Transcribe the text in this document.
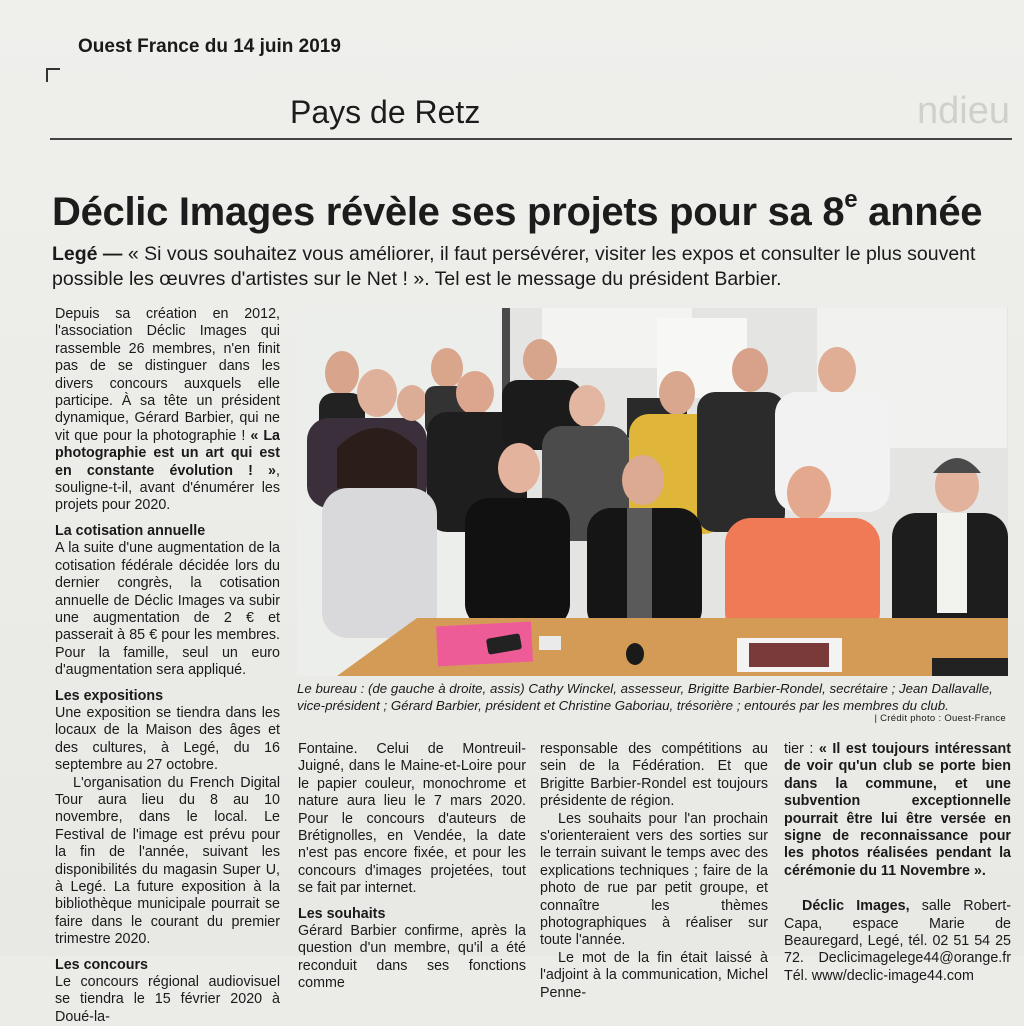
Ouest France du 14 juin 2019
ndieu
Pays de Retz
Déclic Images révèle ses projets pour sa 8e année
Legé — « Si vous souhaitez vous améliorer, il faut persévérer, visiter les expos et consulter le plus souvent possible les œuvres d'artistes sur le Net ! ». Tel est le message du président Barbier.

Depuis sa création en 2012, l'association Déclic Images qui rassemble 26 membres, n'en finit pas de se distinguer dans les divers concours auxquels elle participe. À sa tête un président dynamique, Gérard Barbier, qui ne vit que pour la photographie ! « La photographie est un art qui est en constante évolution ! », souligne-t-il, avant d'énumérer les projets pour 2020.

La cotisation annuelle

A la suite d'une augmentation de la cotisation fédérale décidée lors du dernier congrès, la cotisation annuelle de Déclic Images va subir une augmentation de 2 € et passerait à 85 € pour les membres. Pour la famille, seul un euro d'augmentation sera appliqué.

Les expositions

Une exposition se tiendra dans les locaux de la Maison des âges et des cultures, à Legé, du 16 septembre au 27 octobre.

L'organisation du French Digital Tour aura lieu du 8 au 10 novembre, dans le local. Le Festival de l'image est prévu pour la fin de l'année, suivant les disponibilités du magasin Super U, à Legé. La future exposition à la bibliothèque municipale pourrait se faire dans le courant du premier trimestre 2020.

Les concours

Le concours régional audiovisuel se tiendra le 15 février 2020 à Doué-la-

Le bureau : (de gauche à droite, assis) Cathy Winckel, assesseur, Brigitte Barbier-Rondel, secrétaire ; Jean Dallavalle, vice-président ; Gérard Barbier, président et Christine Gaboriau, trésorière ; entourés par les membres du club.
| Crédit photo : Ouest-France

Fontaine. Celui de Montreuil-Juigné, dans le Maine-et-Loire pour le papier couleur, monochrome et nature aura lieu le 7 mars 2020. Pour le concours d'auteurs de Brétignolles, en Vendée, la date n'est pas encore fixée, et pour les concours d'images projetées, tout se fait par internet.

Les souhaits

Gérard Barbier confirme, après la question d'un membre, qu'il a été reconduit dans ses fonctions comme

responsable des compétitions au sein de la Fédération. Et que Brigitte Barbier-Rondel est toujours présidente de région.

Les souhaits pour l'an prochain s'orienteraient vers des sorties sur le terrain suivant le temps avec des explications techniques ; faire de la photo de rue par petit groupe, et connaître les thèmes photographiques à réaliser sur toute l'année.

Le mot de la fin était laissé à l'adjoint à la communication, Michel Penne-

tier : « Il est toujours intéressant de voir qu'un club se porte bien dans la commune, et une subvention exceptionnelle pourrait être lui être versée en signe de reconnaissance pour les photos réalisées pendant la cérémonie du 11 Novembre ».

Déclic Images, salle Robert-Capa, espace Marie de Beauregard, Legé, tél. 02 51 54 25 72. Declicimagelege44@orange.fr Tél. www/declic-image44.com
